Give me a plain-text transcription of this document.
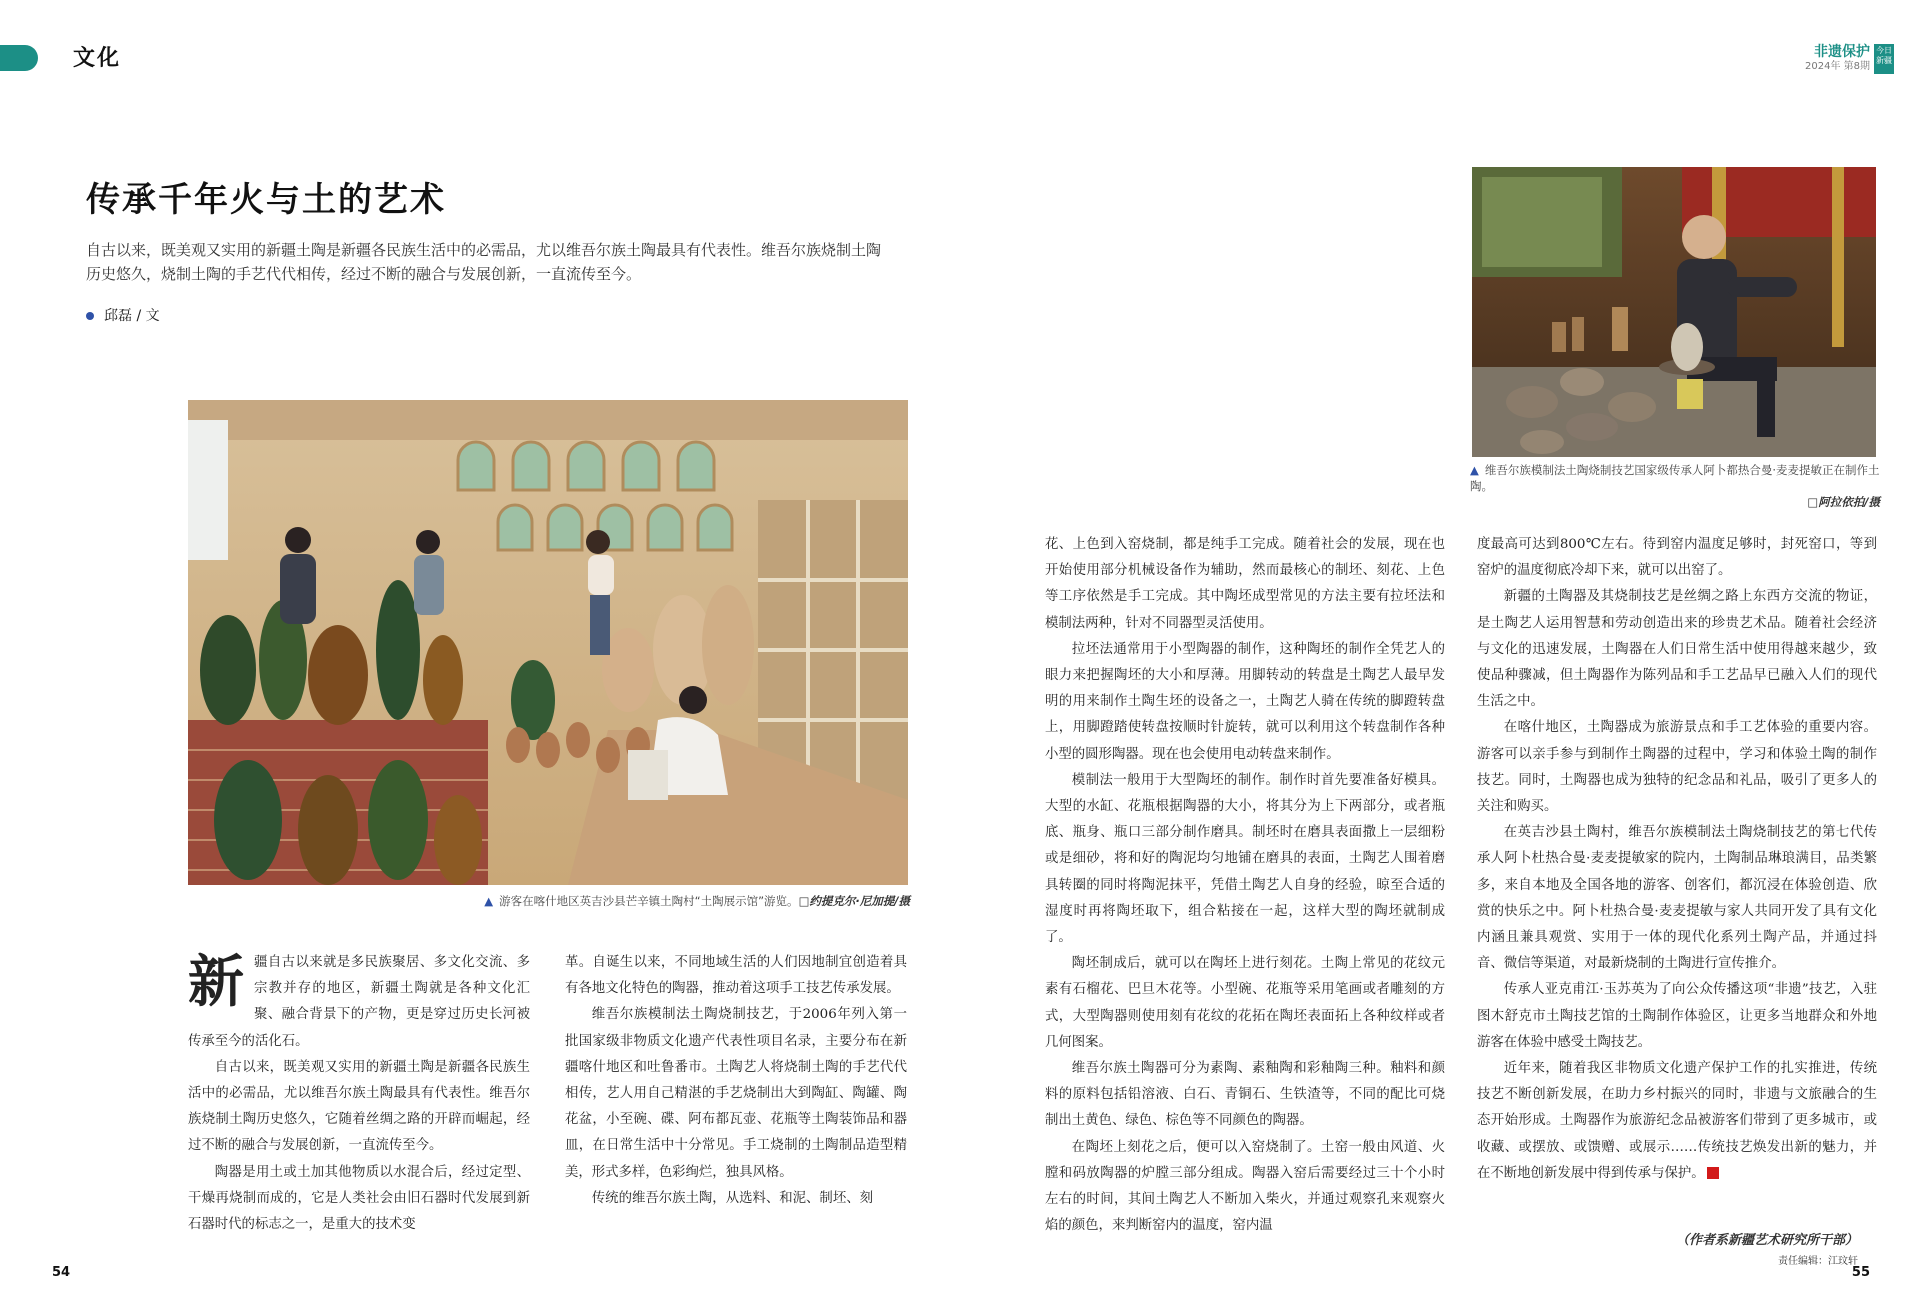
文化	非遗保护
2024年 第8期
今日新疆
传承千年火与土的艺术
自古以来，既美观又实用的新疆土陶是新疆各民族生活中的必需品，尤以维吾尔族土陶最具有代表性。维吾尔族烧制土陶历史悠久，烧制土陶的手艺代代相传，经过不断的融合与发展创新，一直流传至今。
邱磊 / 文
▲ 维吾尔族模制法土陶烧制技艺国家级传承人阿卜都热合曼·麦麦提敏正在制作土陶。
□阿拉依拍/摄
▲ 游客在喀什地区英吉沙县芒辛镇土陶村“土陶展示馆”游览。□约提克尔·尼加提/摄
新 疆自古以来就是多民族聚居、多文化交流、多宗教并存的地区，新疆土陶就是各种文化汇聚、融合背景下的产物，更是穿过历史长河被传承至今的活化石。

自古以来，既美观又实用的新疆土陶是新疆各民族生活中的必需品，尤以维吾尔族土陶最具有代表性。维吾尔族烧制土陶历史悠久，它随着丝绸之路的开辟而崛起，经过不断的融合与发展创新，一直流传至今。

陶器是用土或土加其他物质以水混合后，经过定型、干燥再烧制而成的，它是人类社会由旧石器时代发展到新石器时代的标志之一，是重大的技术变

革。自诞生以来，不同地域生活的人们因地制宜创造着具有各地文化特色的陶器，推动着这项手工技艺传承发展。

维吾尔族模制法土陶烧制技艺，于2006年列入第一批国家级非物质文化遗产代表性项目名录，主要分布在新疆喀什地区和吐鲁番市。土陶艺人将烧制土陶的手艺代代相传，艺人用自己精湛的手艺烧制出大到陶缸、陶罐、陶花盆，小至碗、碟、阿布都瓦壶、花瓶等土陶装饰品和器皿，在日常生活中十分常见。手工烧制的土陶制品造型精美，形式多样，色彩绚烂，独具风格。

传统的维吾尔族土陶，从选料、和泥、制坯、刻

花、上色到入窑烧制，都是纯手工完成。随着社会的发展，现在也开始使用部分机械设备作为辅助，然而最核心的制坯、刻花、上色等工序依然是手工完成。其中陶坯成型常见的方法主要有拉坯法和模制法两种，针对不同器型灵活使用。

拉坯法通常用于小型陶器的制作，这种陶坯的制作全凭艺人的眼力来把握陶坯的大小和厚薄。用脚转动的转盘是土陶艺人最早发明的用来制作土陶生坯的设备之一，土陶艺人骑在传统的脚蹬转盘上，用脚蹬踏使转盘按顺时针旋转，就可以利用这个转盘制作各种小型的圆形陶器。现在也会使用电动转盘来制作。

模制法一般用于大型陶坯的制作。制作时首先要准备好模具。大型的水缸、花瓶根据陶器的大小，将其分为上下两部分，或者瓶底、瓶身、瓶口三部分制作磨具。制坯时在磨具表面撒上一层细粉或是细砂，将和好的陶泥均匀地铺在磨具的表面，土陶艺人围着磨具转圈的同时将陶泥抹平，凭借土陶艺人自身的经验，晾至合适的湿度时再将陶坯取下，组合粘接在一起，这样大型的陶坯就制成了。

陶坯制成后，就可以在陶坯上进行刻花。土陶上常见的花纹元素有石榴花、巴旦木花等。小型碗、花瓶等采用笔画或者雕刻的方式，大型陶器则使用刻有花纹的花拓在陶坯表面拓上各种纹样或者几何图案。

维吾尔族土陶器可分为素陶、素釉陶和彩釉陶三种。釉料和颜料的原料包括铅溶液、白石、青铜石、生铁渣等，不同的配比可烧制出土黄色、绿色、棕色等不同颜色的陶器。

在陶坯上刻花之后，便可以入窑烧制了。土窑一般由风道、火膛和码放陶器的炉膛三部分组成。陶器入窑后需要经过三十个小时左右的时间，其间土陶艺人不断加入柴火，并通过观察孔来观察火焰的颜色，来判断窑内的温度，窑内温

度最高可达到800℃左右。待到窑内温度足够时，封死窑口，等到窑炉的温度彻底冷却下来，就可以出窑了。

新疆的土陶器及其烧制技艺是丝绸之路上东西方交流的物证，是土陶艺人运用智慧和劳动创造出来的珍贵艺术品。随着社会经济与文化的迅速发展，土陶器在人们日常生活中使用得越来越少，致使品种骤减，但土陶器作为陈列品和手工艺品早已融入人们的现代生活之中。

在喀什地区，土陶器成为旅游景点和手工艺体验的重要内容。游客可以亲手参与到制作土陶器的过程中，学习和体验土陶的制作技艺。同时，土陶器也成为独特的纪念品和礼品，吸引了更多人的关注和购买。

在英吉沙县土陶村，维吾尔族模制法土陶烧制技艺的第七代传承人阿卜杜热合曼·麦麦提敏家的院内，土陶制品琳琅满目，品类繁多，来自本地及全国各地的游客、创客们，都沉浸在体验创造、欣赏的快乐之中。阿卜杜热合曼·麦麦提敏与家人共同开发了具有文化内涵且兼具观赏、实用于一体的现代化系列土陶产品，并通过抖音、微信等渠道，对最新烧制的土陶进行宣传推介。

传承人亚克甫江·玉苏英为了向公众传播这项“非遗”技艺，入驻图木舒克市土陶技艺馆的土陶制作体验区，让更多当地群众和外地游客在体验中感受土陶技艺。

近年来，随着我区非物质文化遗产保护工作的扎实推进，传统技艺不断创新发展，在助力乡村振兴的同时，非遗与文旅融合的生态开始形成。土陶器作为旅游纪念品被游客们带到了更多城市，或收藏、或摆放、或馈赠、或展示……传统技艺焕发出新的魅力，并在不断地创新发展中得到传承与保护。

（作者系新疆艺术研究所干部）
责任编辑：江玟轩
54	55
